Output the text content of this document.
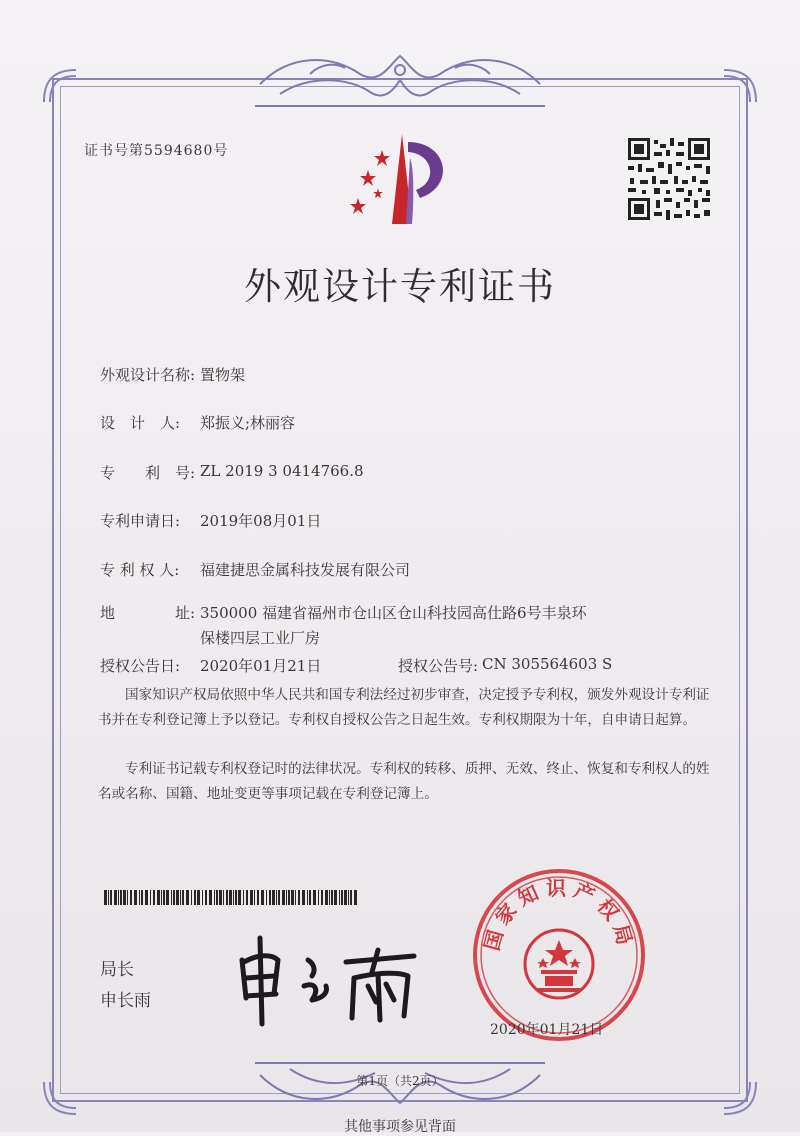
证书号第5594680号
外观设计专利证书
外观设计名称: 置物架
设　计　人: 郑振义;林丽容
专　　利　号: ZL 2019 3 0414766.8
专利申请日: 2019年08月01日
专 利 权 人: 福建捷思金属科技发展有限公司
地　　　　址: 350000 福建省福州市仓山区仓山科技园高仕路6号丰泉环
保楼四层工业厂房
授权公告日: 2020年01月21日	授权公告号: CN 305564603 S

国家知识产权局依照中华人民共和国专利法经过初步审查，决定授予专利权，颁发外观设计专利证书并在专利登记簿上予以登记。专利权自授权公告之日起生效。专利权期限为十年，自申请日起算。

专利证书记载专利权登记时的法律状况。专利权的转移、质押、无效、终止、恢复和专利权人的姓名或名称、国籍、地址变更等事项记载在专利登记簿上。

局长
申长雨
国家知识产权局
2020年01月21日
第1页（共2页）
其他事项参见背面
